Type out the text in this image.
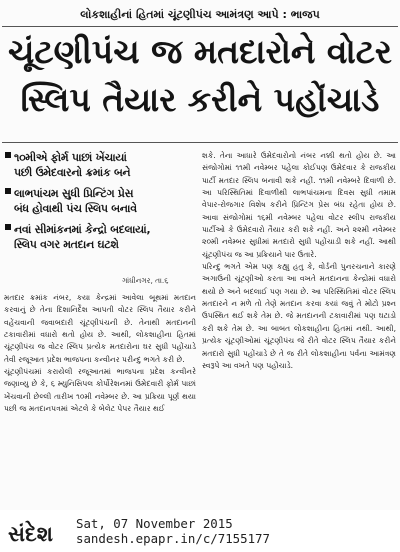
લોકશાહીનાં હિતમાં ચૂંટણીપંચ આમંત્રણ આપે : ભાજપ
ચૂંટણીપંચ જ મતદારોને વોટર
સ્લિપ તૈયાર કરીને પહોંચાડે
૧૦મીએ ફોર્મ પાછાં ખેંચાયાં
પછી ઉમેદવારનો ક્રમાંક બને
લાભપાંચમ સુધી પ્રિન્ટિંગ પ્રેસ
બંધ હોવાથી પંચ સ્લિપ બનાવે
નવાં સીમાંકનમાં કેન્દ્રો બદલાયાં,
સ્લિપ વગર મતદાન ઘટશે
ગાંધીનગર, તા.૬

મતદાર ક્રમાંક નંબર, કયા કેન્દ્રમાં આવેલા બૂથમાં મતદાન કરવાનું છે તેના દિશાનિર્દેશ આપતી વોટર સ્લિપ તૈયાર કરીને વહેંચવાની જવાબદારી ચૂંટણીપંચની છે. તેનાથી મતદાનની ટકાવારીમાં વધારો થતો હોય છે. આથી, લોકશાહીના હિતમાં ચૂંટણીપંચ જ વોટર સ્લિપ પ્રત્યેક મતદારોના ઘર સુધી પહોંચાડે તેવી રજૂઆત પ્રદેશ ભાજપના કન્વીનર પરીન્દુ ભગતે કરી છે.

ચૂંટણીપંચમાં કરાયેલી રજૂઆતમાં ભાજપના પ્રદેશ કન્વીનરે જણાવ્યુ છે કે, ૬ મ્યુનિસિપલ કોર્પોરેશનમાં ઉમેદવારી ફોર્મ પાછાં ખેંચવાની છેલ્લી તારીખ ૧૦મી નવેમ્બર છે. આ પ્રક્રિયા પૂર્ણ થયા પછી જ મતદાનપત્રમાં એટલે કે બેલેટ પેપર તૈયાર થઈ

શકે. તેના આધારે ઉમેદવારોનો નંબર નક્કી થતો હોય છે. આ સંજોગોમાં ૧૧મી નવેમ્બર પહેલા કોઈપણ ઉમેદવાર કે રાજકીય પાર્ટી મતદાર સ્લિપ બનાવી શકે નહીં. ૧૧મી નવેમ્બરે દિવાળી છે. આ પરિસ્થિતિમાં દિવાળીથી લાભપાંચમના દિવસ સુધી તમામ વેપાર-રોજગાર વિશેષ કરીને પ્રિન્ટિંગ પ્રેસ બંધ રહેતા હોય છે. આવા સંજોગોમાં ૧૬મી નવેમ્બર પહેલા વોટર સ્લીપ રાજકીય પાર્ટીઓ કે ઉમેદવારો તૈયાર કરી શકે નહીં. અને ૨૨મી નવેમ્બર ૨૦મી નવેમ્બર સુધીમાં મતદારો સુધી પહોંચાડી શકે નહીં. આથી ચૂંટણીપંચ જ આ પ્રક્રિયાને પાર ઉતારે.

પરિન્દુ ભગતે એમ પણ કહ્યુ હતુ કે, વોર્ડની પુનરચનાને કારણે અગાઉની ચૂંટણીઓ કરતા આ વખતે મતદાનના કેન્દ્રોમાં વધારો થયો છે અને બદલાઈ પણ ગયા છે. આ પરિસ્થિતિમાં વોટર સ્લિપ મતદારને ન મળે તો તેણે મતદાન કરવા કયાં જવું તે મોટો પ્રશ્ન ઉપસ્થિત થઈ શકે તેમ છે. જે મતદાનની ટકાવારીમાં પણ ઘટાડો કરી શકે તેમ છે. આ બાબત લોકશાહીના હિતમાં નથી. આથી, પ્રત્યેક ચૂંટણીઓમાં ચૂંટણીપંચ જે રીતે વોટર સ્લિપ તૈયાર કરીને મતદારો સુધી પહોંચાડે છે તે જ રીતે લોકશાહીના પર્વના આમંત્રણ સ્વરૂપે આ વખતે પણ પહોંચાડે.

સંદેશ Sat, 07 November 2015
sandesh.epapr.in/c/7155177
